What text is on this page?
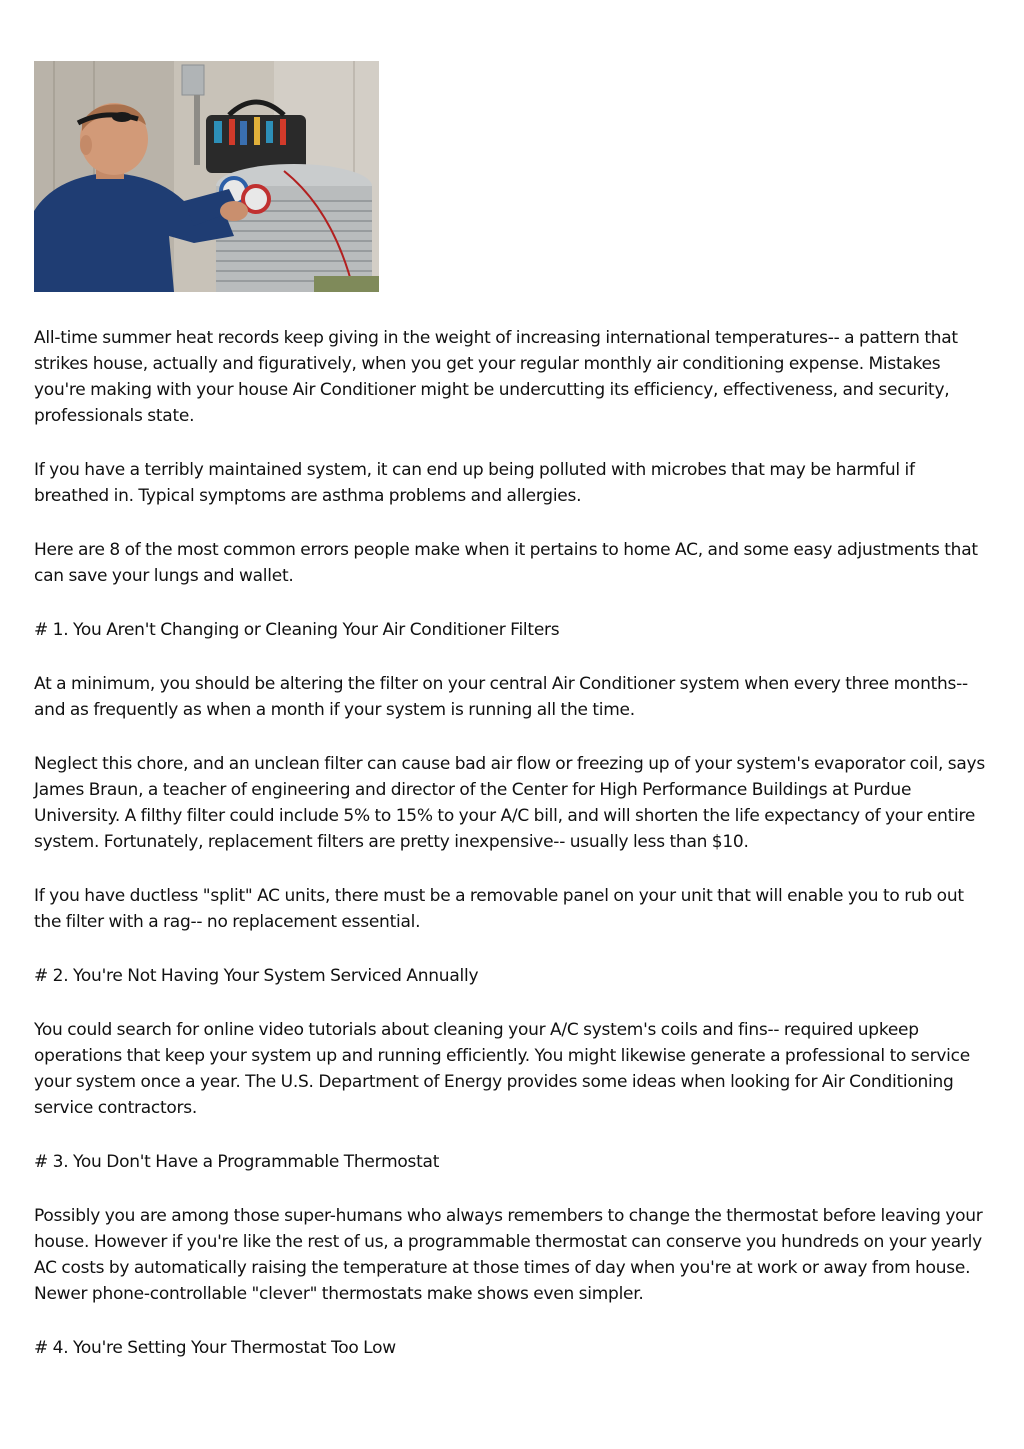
All-time summer heat records keep giving in the weight of increasing international temperatures-- a pattern that strikes house, actually and figuratively, when you get your regular monthly air conditioning expense. Mistakes you're making with your house Air Conditioner might be undercutting its efficiency, effectiveness, and security, professionals state.

If you have a terribly maintained system, it can end up being polluted with microbes that may be harmful if breathed in. Typical symptoms are asthma problems and allergies.

Here are 8 of the most common errors people make when it pertains to home AC, and some easy adjustments that can save your lungs and wallet.

# 1. You Aren't Changing or Cleaning Your Air Conditioner Filters

At a minimum, you should be altering the filter on your central Air Conditioner system when every three months-- and as frequently as when a month if your system is running all the time.

Neglect this chore, and an unclean filter can cause bad air flow or freezing up of your system's evaporator coil, says James Braun, a teacher of engineering and director of the Center for High Performance Buildings at Purdue University. A filthy filter could include 5% to 15% to your A/C bill, and will shorten the life expectancy of your entire system. Fortunately, replacement filters are pretty inexpensive-- usually less than $10.

If you have ductless "split" AC units, there must be a removable panel on your unit that will enable you to rub out the filter with a rag-- no replacement essential.

# 2. You're Not Having Your System Serviced Annually

You could search for online video tutorials about cleaning your A/C system's coils and fins-- required upkeep operations that keep your system up and running efficiently. You might likewise generate a professional to service your system once a year. The U.S. Department of Energy provides some ideas when looking for Air Conditioning service contractors.

# 3. You Don't Have a Programmable Thermostat

Possibly you are among those super-humans who always remembers to change the thermostat before leaving your house. However if you're like the rest of us, a programmable thermostat can conserve you hundreds on your yearly AC costs by automatically raising the temperature at those times of day when you're at work or away from house. Newer phone-controllable "clever" thermostats make shows even simpler.

# 4. You're Setting Your Thermostat Too Low
